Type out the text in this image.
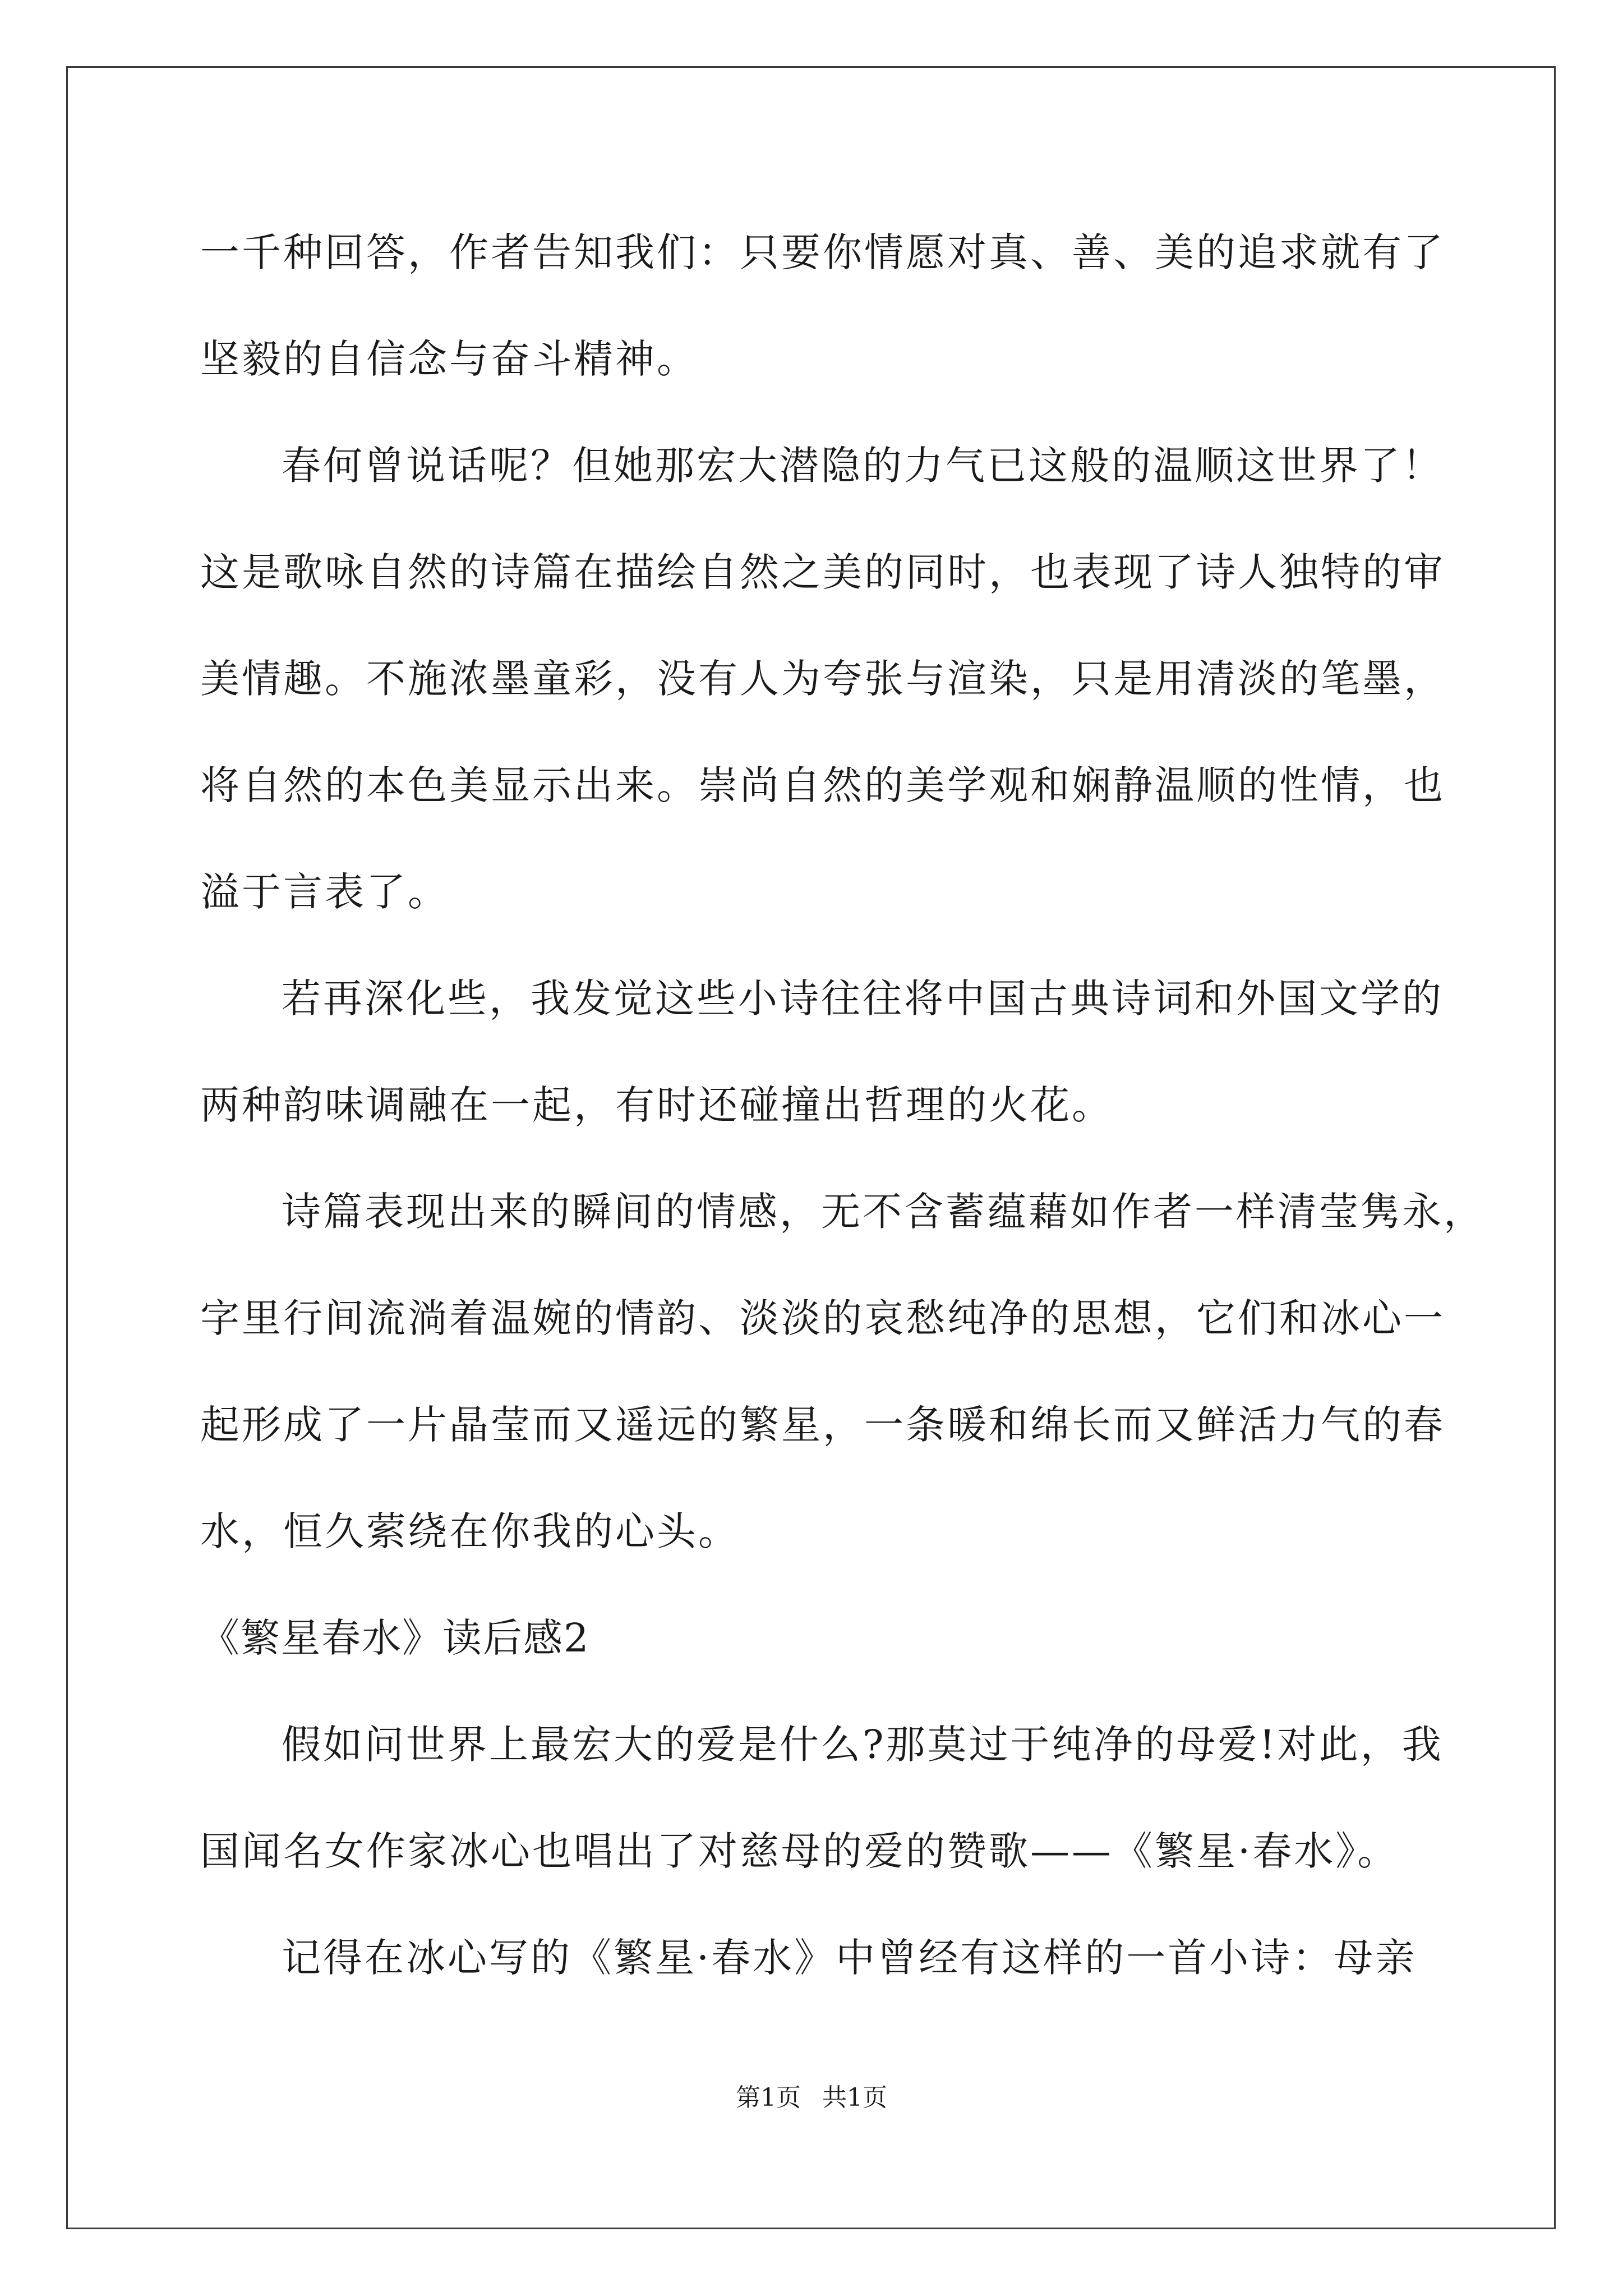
一千种回答，作者告知我们：只要你情愿对真、善、美的追求就有了
坚毅的自信念与奋斗精神。
春何曾说话呢？但她那宏大潜隐的力气已这般的温顺这世界了！
这是歌咏自然的诗篇在描绘自然之美的同时，也表现了诗人独特的审
美情趣。不施浓墨童彩，没有人为夸张与渲染，只是用清淡的笔墨，
将自然的本色美显示出来。崇尚自然的美学观和娴静温顺的性情，也
溢于言表了。
若再深化些，我发觉这些小诗往往将中国古典诗词和外国文学的
两种韵味调融在一起，有时还碰撞出哲理的火花。
诗篇表现出来的瞬间的情感，无不含蓄蕴藉如作者一样清莹隽永，
字里行间流淌着温婉的情韵、淡淡的哀愁纯净的思想，它们和冰心一
起形成了一片晶莹而又遥远的繁星，一条暖和绵长而又鲜活力气的春
水，恒久萦绕在你我的心头。
《繁星春水》读后感2
假如问世界上最宏大的爱是什么?那莫过于纯净的母爱!对此，我
国闻名女作家冰心也唱出了对慈母的爱的赞歌——《繁星·春水》。
记得在冰心写的《繁星·春水》中曾经有这样的一首小诗：母亲
第1页 共1页
